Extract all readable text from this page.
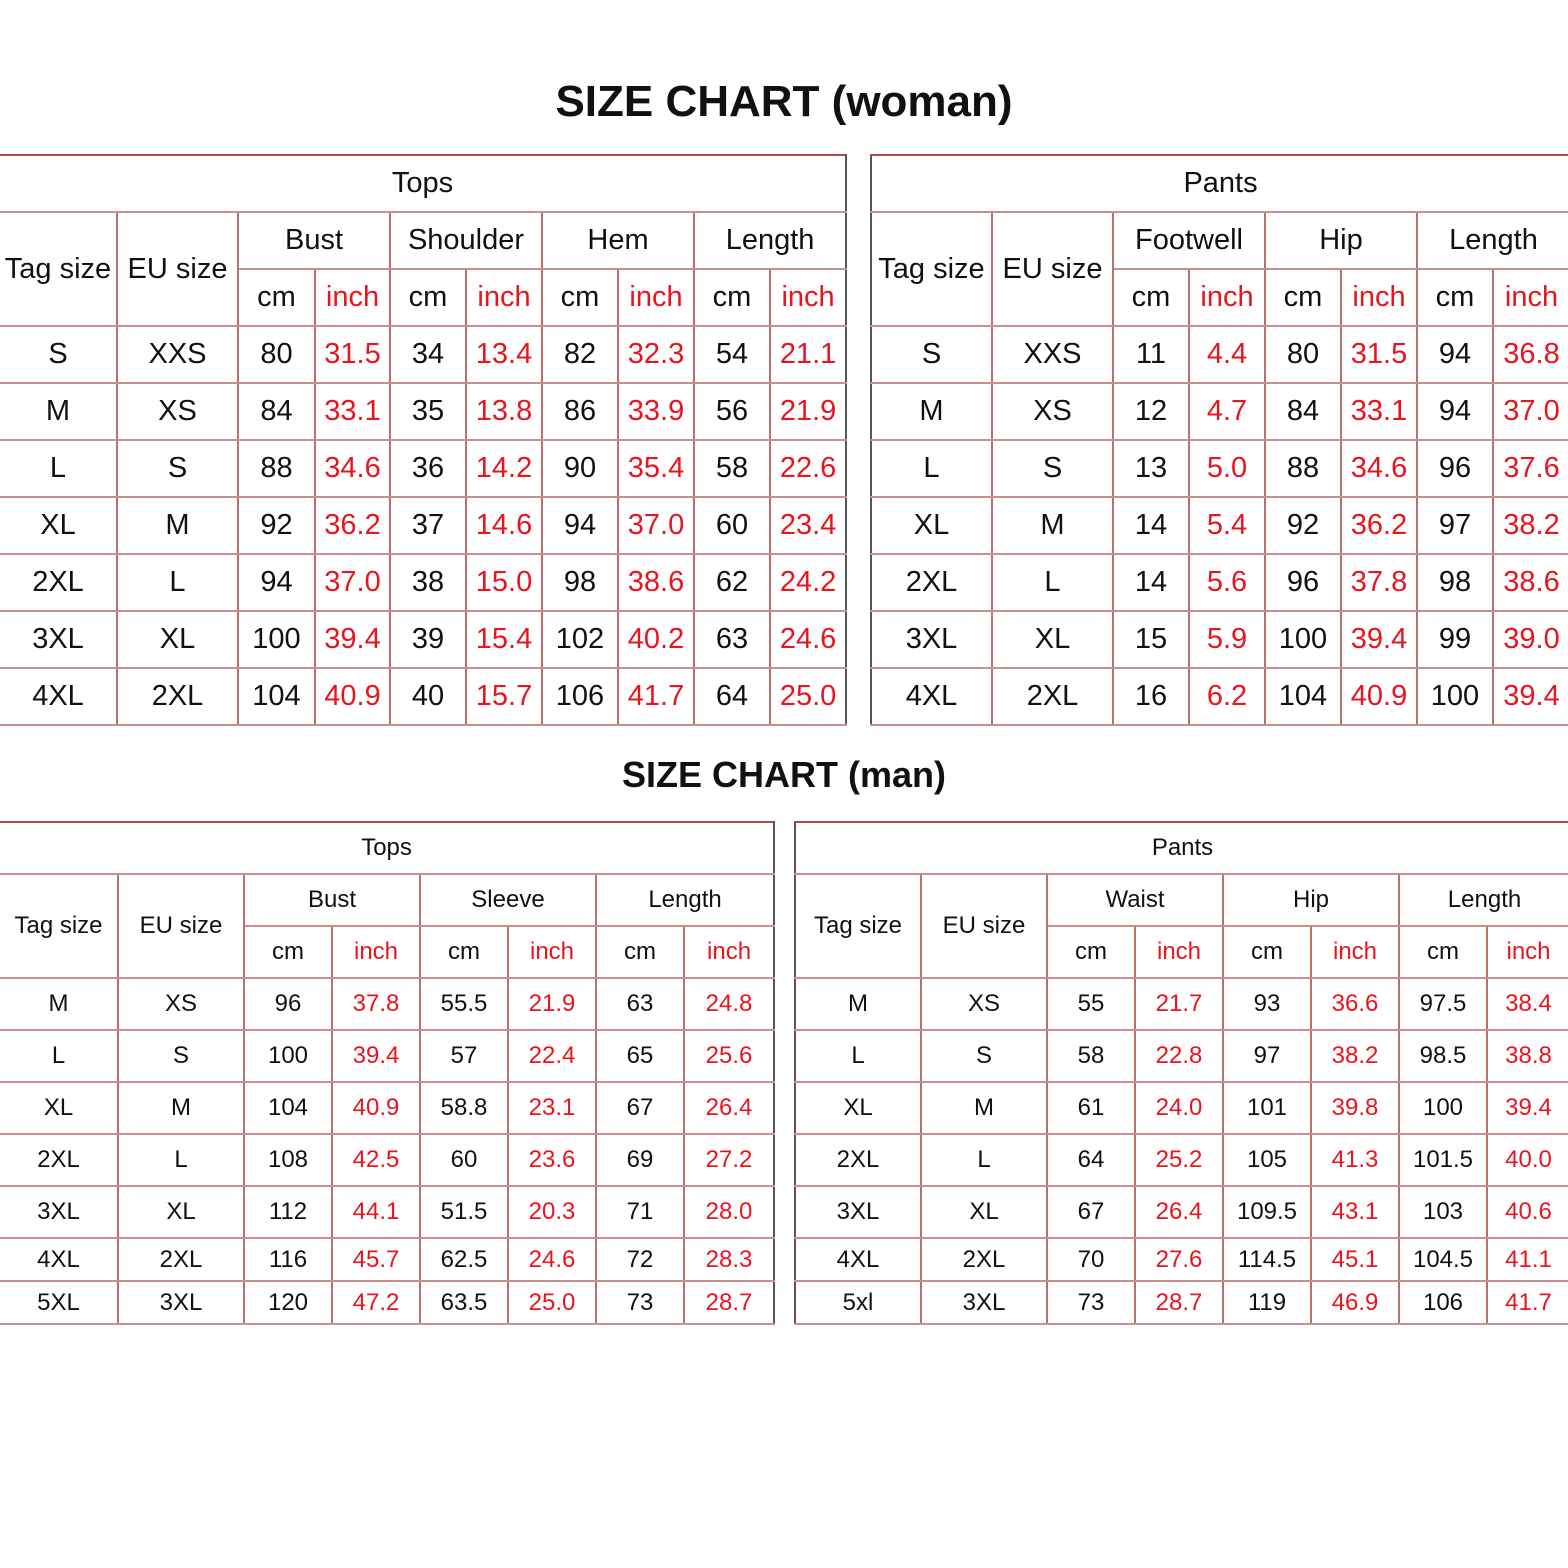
SIZE CHART (woman)
Tops									
Tag size	EU size	Bust		Shoulder		Hem		Length	
		cm	inch	cm	inch	cm	inch	cm	inch
S	XXS	80	31.5	34	13.4	82	32.3	54	21.1
M	XS	84	33.1	35	13.8	86	33.9	56	21.9
L	S	88	34.6	36	14.2	90	35.4	58	22.6
XL	M	92	36.2	37	14.6	94	37.0	60	23.4
2XL	L	94	37.0	38	15.0	98	38.6	62	24.2
3XL	XL	100	39.4	39	15.4	102	40.2	63	24.6
4XL	2XL	104	40.9	40	15.7	106	41.7	64	25.0
Pants							
Tag size	EU size	Footwell		Hip		Length	
		cm	inch	cm	inch	cm	inch
S	XXS	11	4.4	80	31.5	94	36.8
M	XS	12	4.7	84	33.1	94	37.0
L	S	13	5.0	88	34.6	96	37.6
XL	M	14	5.4	92	36.2	97	38.2
2XL	L	14	5.6	96	37.8	98	38.6
3XL	XL	15	5.9	100	39.4	99	39.0
4XL	2XL	16	6.2	104	40.9	100	39.4
SIZE CHART (man)
Tops							
Tag size	EU size	Bust		Sleeve		Length	
		cm	inch	cm	inch	cm	inch
M	XS	96	37.8	55.5	21.9	63	24.8
L	S	100	39.4	57	22.4	65	25.6
XL	M	104	40.9	58.8	23.1	67	26.4
2XL	L	108	42.5	60	23.6	69	27.2
3XL	XL	112	44.1	51.5	20.3	71	28.0
4XL	2XL	116	45.7	62.5	24.6	72	28.3
5XL	3XL	120	47.2	63.5	25.0	73	28.7
Pants							
Tag size	EU size	Waist		Hip		Length	
		cm	inch	cm	inch	cm	inch
M	XS	55	21.7	93	36.6	97.5	38.4
L	S	58	22.8	97	38.2	98.5	38.8
XL	M	61	24.0	101	39.8	100	39.4
2XL	L	64	25.2	105	41.3	101.5	40.0
3XL	XL	67	26.4	109.5	43.1	103	40.6
4XL	2XL	70	27.6	114.5	45.1	104.5	41.1
5xl	3XL	73	28.7	119	46.9	106	41.7
